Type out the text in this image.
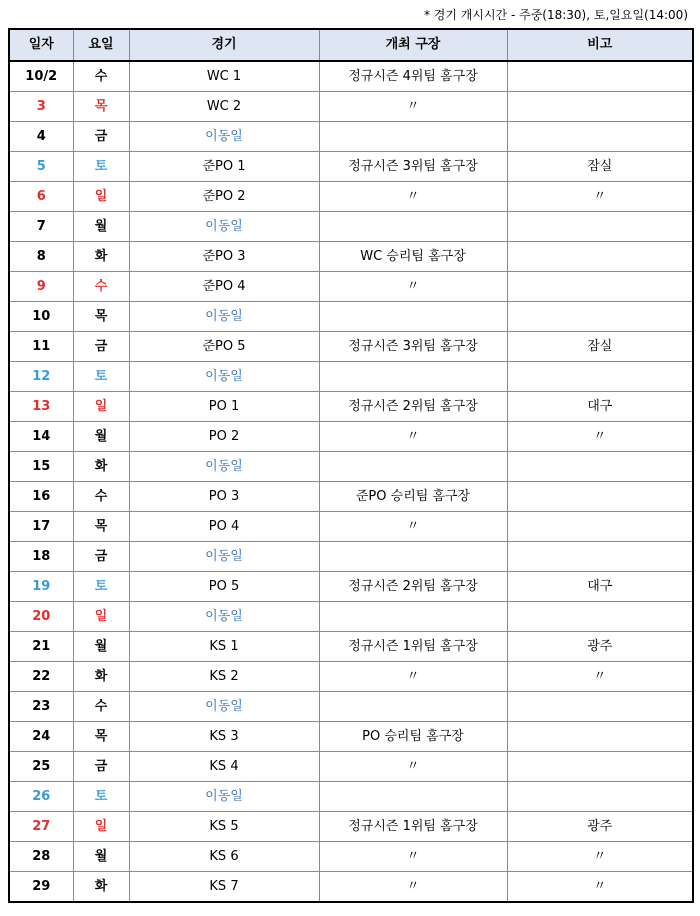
* 경기 개시시간 - 주중(18:30), 토,일요일(14:00)
일자	요일	경기	개최 구장	비고
10/2	수	WC 1	정규시즌 4위팀 홈구장	
3	목	WC 2	〃	
4	금	이동일		
5	토	준PO 1	정규시즌 3위팀 홈구장	잠실
6	일	준PO 2	〃	〃
7	월	이동일		
8	화	준PO 3	WC 승리팀 홈구장	
9	수	준PO 4	〃	
10	목	이동일		
11	금	준PO 5	정규시즌 3위팀 홈구장	잠실
12	토	이동일		
13	일	PO 1	정규시즌 2위팀 홈구장	대구
14	월	PO 2	〃	〃
15	화	이동일		
16	수	PO 3	준PO 승리팀 홈구장	
17	목	PO 4	〃	
18	금	이동일		
19	토	PO 5	정규시즌 2위팀 홈구장	대구
20	일	이동일		
21	월	KS 1	정규시즌 1위팀 홈구장	광주
22	화	KS 2	〃	〃
23	수	이동일		
24	목	KS 3	PO 승리팀 홈구장	
25	금	KS 4	〃	
26	토	이동일		
27	일	KS 5	정규시즌 1위팀 홈구장	광주
28	월	KS 6	〃	〃
29	화	KS 7	〃	〃
